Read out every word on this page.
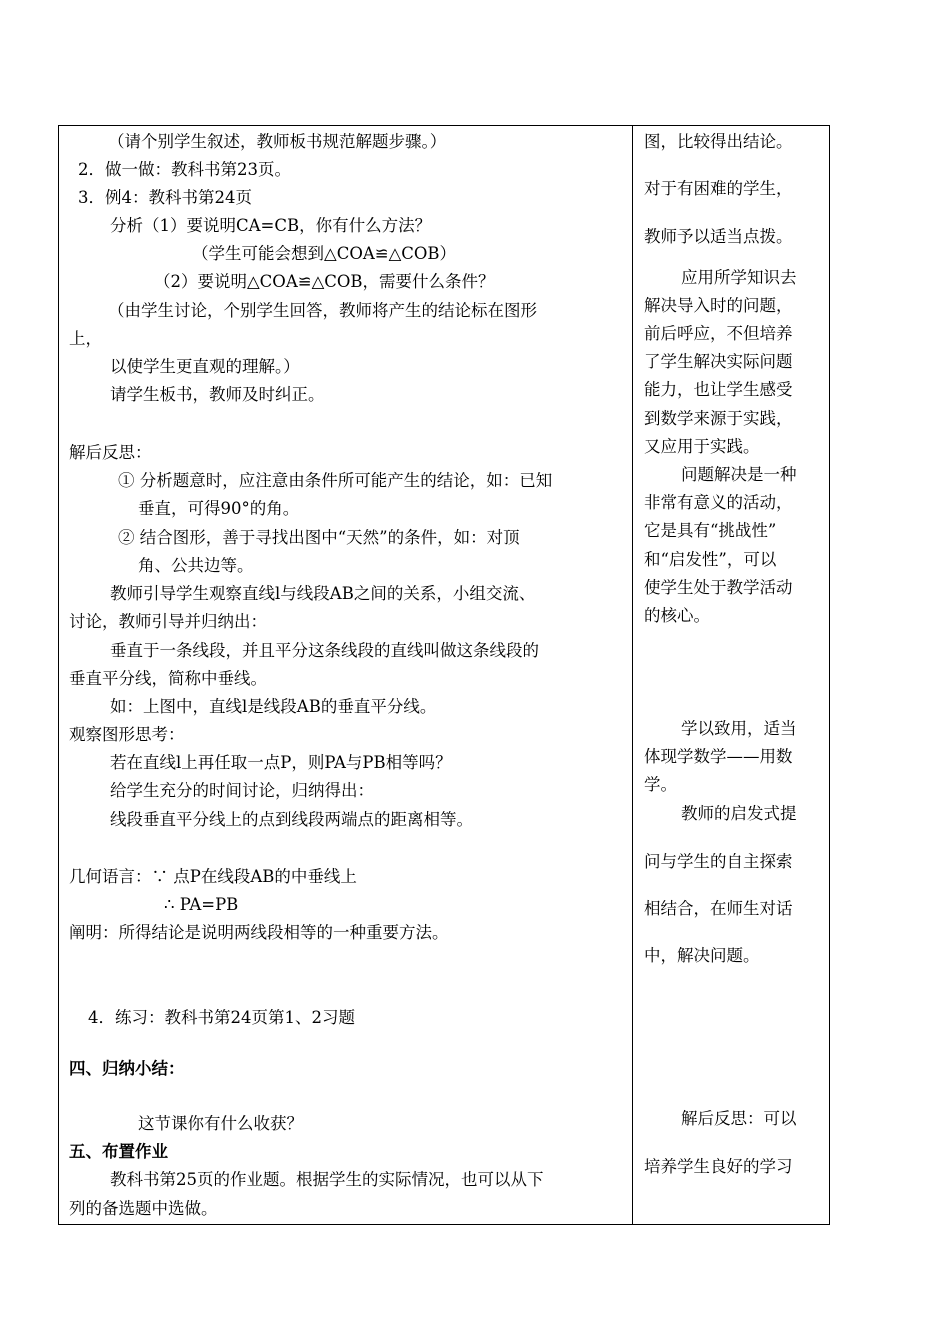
（请个别学生叙述，教师板书规范解题步骤。）
2．做一做：教科书第23页。
3．例4：教科书第24页
分析（1）要说明CA=CB，你有什么方法？
（学生可能会想到△COA≌△COB）
（2）要说明△COA≌△COB，需要什么条件？
（由学生讨论，个别学生回答，教师将产生的结论标在图形
上，
以使学生更直观的理解。）
请学生板书，教师及时纠正。
解后反思：
① 分析题意时，应注意由条件所可能产生的结论，如：已知
垂直，可得90°的角。
② 结合图形，善于寻找出图中“天然”的条件，如：对顶
角、公共边等。
教师引导学生观察直线l与线段AB之间的关系，小组交流、
讨论，教师引导并归纳出：
垂直于一条线段，并且平分这条线段的直线叫做这条线段的
垂直平分线，简称中垂线。
如：上图中，直线l是线段AB的垂直平分线。
观察图形思考：
若在直线l上再任取一点P，则PA与PB相等吗？
给学生充分的时间讨论，归纳得出：
线段垂直平分线上的点到线段两端点的距离相等。
几何语言：∵ 点P在线段AB的中垂线上
∴ PA=PB
阐明：所得结论是说明两线段相等的一种重要方法。
4．练习：教科书第24页第1、2习题
四、归纳小结：
这节课你有什么收获？
五、布置作业
教科书第25页的作业题。根据学生的实际情况，也可以从下
列的备选题中选做。
图，比较得出结论。
对于有困难的学生，
教师予以适当点拨。
应用所学知识去
解决导入时的问题，
前后呼应，不但培养
了学生解决实际问题
能力，也让学生感受
到数学来源于实践，
又应用于实践。
问题解决是一种
非常有意义的活动，
它是具有“挑战性”
和“启发性”，可以
使学生处于教学活动
的核心。
学以致用，适当
体现学数学——用数
学。
教师的启发式提
问与学生的自主探索
相结合，在师生对话
中，解决问题。
解后反思：可以
培养学生良好的学习
